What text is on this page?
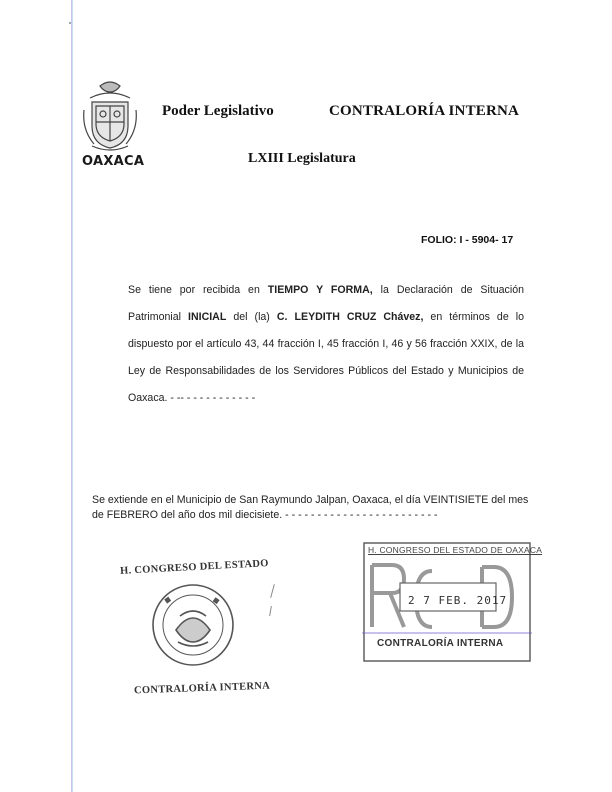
OAXACA
Poder Legislativo	CONTRALORÍA INTERNA
LXIII Legislatura
FOLIO: I - 5904- 17
Se tiene por recibida en TIEMPO Y FORMA, la Declaración de Situación Patrimonial INICIAL del (la) C. LEYDITH CRUZ Chávez, en términos de lo dispuesto por el artículo 43, 44 fracción I, 45 fracción I, 46 y 56 fracción XXIX, de la Ley de Responsabilidades de los Servidores Públicos del Estado y Municipios de Oaxaca. - -- - - - - - - - - - - -
Se extiende en el Municipio de San Raymundo Jalpan, Oaxaca, el día VEINTISIETE del mes de FEBRERO del año dos mil diecisiete. - - - - - - - - - - - - - - - - - - - - - - - -
H. CONGRESO DEL ESTADO
CONTRALORÍA INTERNA
H. CONGRESO DEL ESTADO DE OAXACA
2 7 FEB. 2017
CONTRALORÍA INTERNA
